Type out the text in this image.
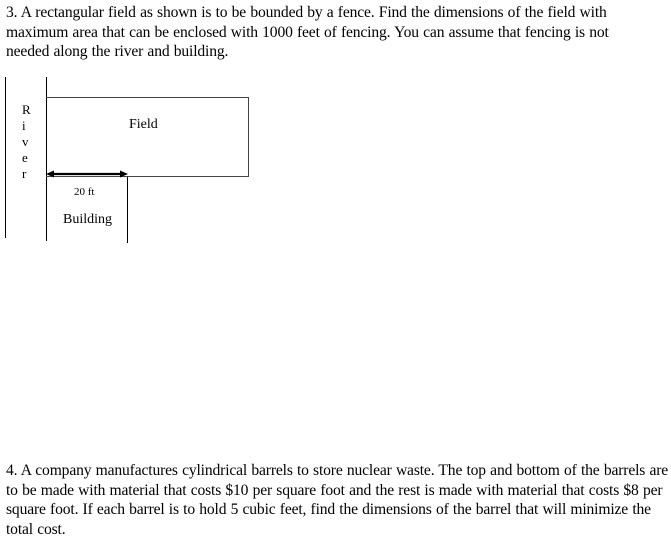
3. A rectangular field as shown is to be bounded by a fence. Find the dimensions of the field with maximum area that can be enclosed with 1000 feet of fencing. You can assume that fencing is not needed along the river and building.

R
i
v
e
r
Field
20 ft
Building

4. A company manufactures cylindrical barrels to store nuclear waste. The top and bottom of the barrels are to be made with material that costs $10 per square foot and the rest is made with material that costs $8 per square foot. If each barrel is to hold 5 cubic feet, find the dimensions of the barrel that will minimize the total cost.
